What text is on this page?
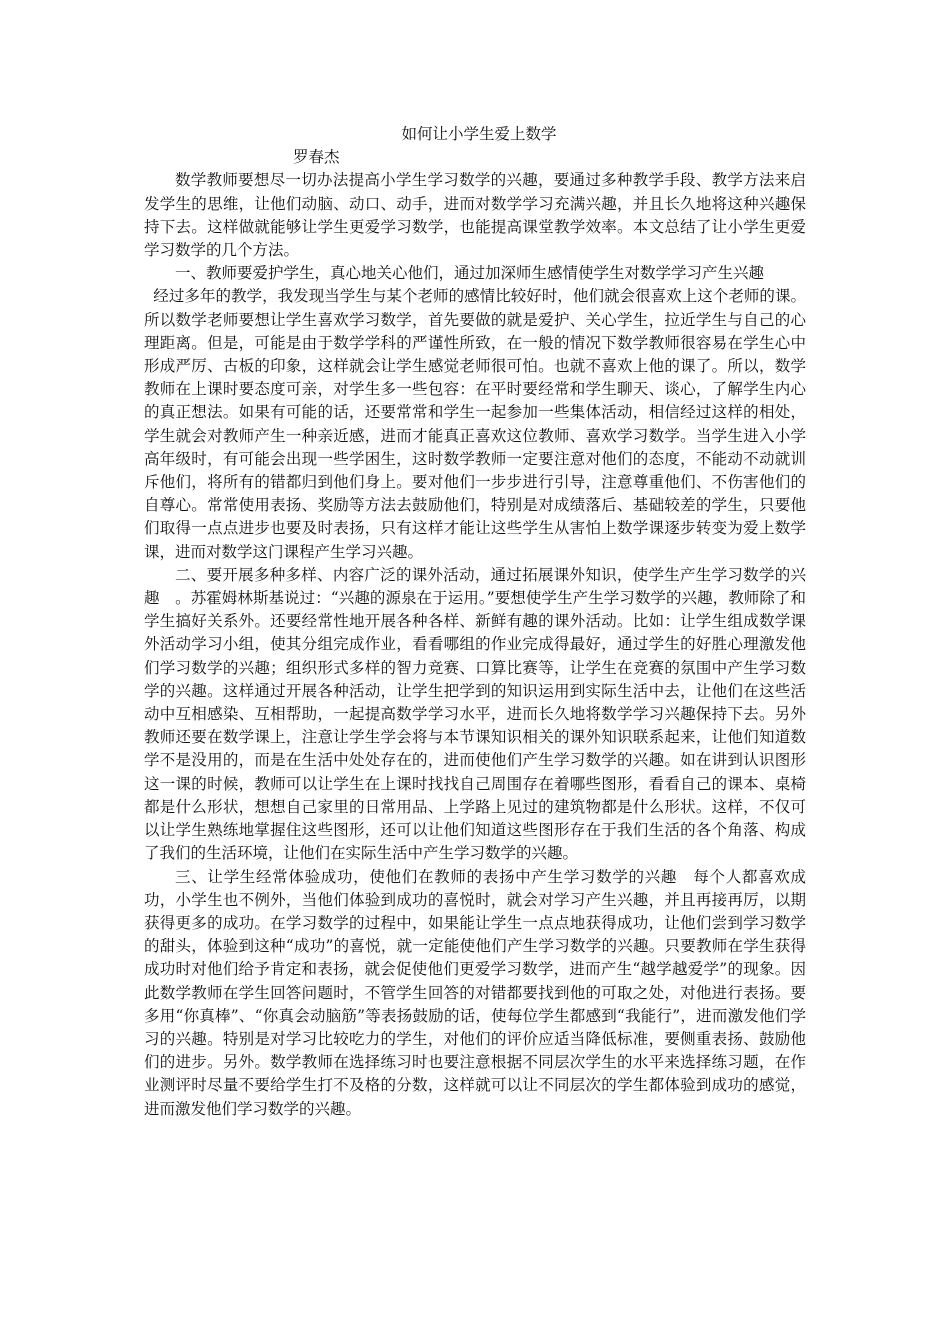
如何让小学生爱上数学

罗春杰

数学教师要想尽一切办法提高小学生学习数学的兴趣，要通过多种教学手段、教学方法来启发学生的思维，让他们动脑、动口、动手，进而对数学学习充满兴趣，并且长久地将这种兴趣保持下去。这样做就能够让学生更爱学习数学，也能提高课堂教学效率。本文总结了让小学生更爱学习数学的几个方法。

一、教师要爱护学生，真心地关心他们，通过加深师生感情使学生对数学学习产生兴趣

经过多年的教学，我发现当学生与某个老师的感情比较好时，他们就会很喜欢上这个老师的课。所以数学老师要想让学生喜欢学习数学，首先要做的就是爱护、关心学生，拉近学生与自己的心理距离。但是，可能是由于数学学科的严谨性所致，在一般的情况下数学教师很容易在学生心中形成严厉、古板的印象，这样就会让学生感觉老师很可怕。也就不喜欢上他的课了。所以，数学教师在上课时要态度可亲，对学生多一些包容：在平时要经常和学生聊天、谈心，了解学生内心的真正想法。如果有可能的话，还要常常和学生一起参加一些集体活动，相信经过这样的相处，学生就会对教师产生一种亲近感，进而才能真正喜欢这位教师、喜欢学习数学。当学生进入小学高年级时，有可能会出现一些学困生，这时数学教师一定要注意对他们的态度，不能动不动就训斥他们，将所有的错都归到他们身上。要对他们一步步进行引导，注意尊重他们、不伤害他们的自尊心。常常使用表扬、奖励等方法去鼓励他们，特别是对成绩落后、基础较差的学生，只要他们取得一点点进步也要及时表扬，只有这样才能让这些学生从害怕上数学课逐步转变为爱上数学课，进而对数学这门课程产生学习兴趣。

二、要开展多种多样、内容广泛的课外活动，通过拓展课外知识，使学生产生学习数学的兴趣　。苏霍姆林斯基说过：“兴趣的源泉在于运用。”要想使学生产生学习数学的兴趣，教师除了和学生搞好关系外。还要经常性地开展各种各样、新鲜有趣的课外活动。比如：让学生组成数学课外活动学习小组，使其分组完成作业，看看哪组的作业完成得最好，通过学生的好胜心理激发他们学习数学的兴趣；组织形式多样的智力竞赛、口算比赛等，让学生在竞赛的氛围中产生学习数学的兴趣。这样通过开展各种活动，让学生把学到的知识运用到实际生活中去，让他们在这些活动中互相感染、互相帮助，一起提高数学学习水平，进而长久地将数学学习兴趣保持下去。另外教师还要在数学课上，注意让学生学会将与本节课知识相关的课外知识联系起来，让他们知道数学不是没用的，而是在生活中处处存在的，进而使他们产生学习数学的兴趣。如在讲到认识图形这一课的时候，教师可以让学生在上课时找找自己周围存在着哪些图形，看看自己的课本、桌椅都是什么形状，想想自己家里的日常用品、上学路上见过的建筑物都是什么形状。这样，不仅可以让学生熟练地掌握住这些图形，还可以让他们知道这些图形存在于我们生活的各个角落、构成了我们的生活环境，让他们在实际生活中产生学习数学的兴趣。

三、让学生经常体验成功，使他们在教师的表扬中产生学习数学的兴趣　每个人都喜欢成功，小学生也不例外，当他们体验到成功的喜悦时，就会对学习产生兴趣，并且再接再厉，以期获得更多的成功。在学习数学的过程中，如果能让学生一点点地获得成功，让他们尝到学习数学的甜头，体验到这种“成功”的喜悦，就一定能使他们产生学习数学的兴趣。只要教师在学生获得成功时对他们给予肯定和表扬，就会促使他们更爱学习数学，进而产生“越学越爱学”的现象。因此数学教师在学生回答问题时，不管学生回答的对错都要找到他的可取之处，对他进行表扬。要多用“你真棒”、“你真会动脑筋”等表扬鼓励的话，使每位学生都感到“我能行”，进而激发他们学习的兴趣。特别是对学习比较吃力的学生，对他们的评价应适当降低标准，要侧重表扬、鼓励他们的进步。另外。数学教师在选择练习时也要注意根据不同层次学生的水平来选择练习题，在作业测评时尽量不要给学生打不及格的分数，这样就可以让不同层次的学生都体验到成功的感觉，进而激发他们学习数学的兴趣。
